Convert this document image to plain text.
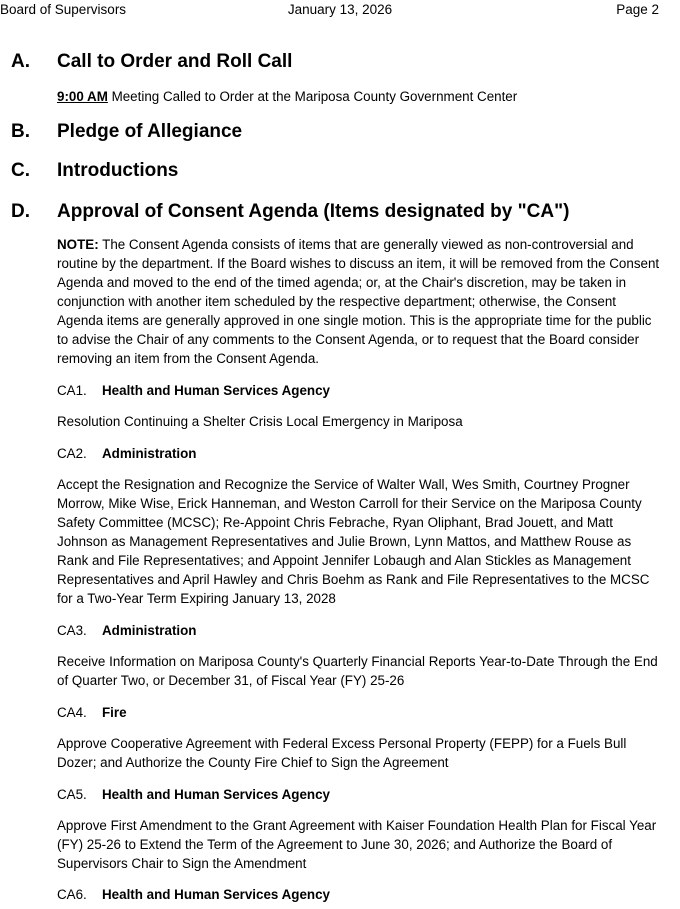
Board of Supervisors	January 13, 2026	Page 2
A. Call to Order and Roll Call
9:00 AM Meeting Called to Order at the Mariposa County Government Center
B. Pledge of Allegiance
C. Introductions
D. Approval of Consent Agenda (Items designated by "CA")
NOTE: The Consent Agenda consists of items that are generally viewed as non-controversial and routine by the department. If the Board wishes to discuss an item, it will be removed from the Consent Agenda and moved to the end of the timed agenda; or, at the Chair's discretion, may be taken in conjunction with another item scheduled by the respective department; otherwise, the Consent Agenda items are generally approved in one single motion. This is the appropriate time for the public to advise the Chair of any comments to the Consent Agenda, or to request that the Board consider removing an item from the Consent Agenda.
CA1. Health and Human Services Agency
Resolution Continuing a Shelter Crisis Local Emergency in Mariposa
CA2. Administration
Accept the Resignation and Recognize the Service of Walter Wall, Wes Smith, Courtney Progner Morrow, Mike Wise, Erick Hanneman, and Weston Carroll for their Service on the Mariposa County Safety Committee (MCSC); Re-Appoint Chris Febrache, Ryan Oliphant, Brad Jouett, and Matt Johnson as Management Representatives and Julie Brown, Lynn Mattos, and Matthew Rouse as Rank and File Representatives; and Appoint Jennifer Lobaugh and Alan Stickles as Management Representatives and April Hawley and Chris Boehm as Rank and File Representatives to the MCSC for a Two-Year Term Expiring January 13, 2028
CA3. Administration
Receive Information on Mariposa County's Quarterly Financial Reports Year-to-Date Through the End of Quarter Two, or December 31, of Fiscal Year (FY) 25-26
CA4. Fire
Approve Cooperative Agreement with Federal Excess Personal Property (FEPP) for a Fuels Bull Dozer; and Authorize the County Fire Chief to Sign the Agreement
CA5. Health and Human Services Agency
Approve First Amendment to the Grant Agreement with Kaiser Foundation Health Plan for Fiscal Year (FY) 25-26 to Extend the Term of the Agreement to June 30, 2026; and Authorize the Board of Supervisors Chair to Sign the Amendment
CA6. Health and Human Services Agency
